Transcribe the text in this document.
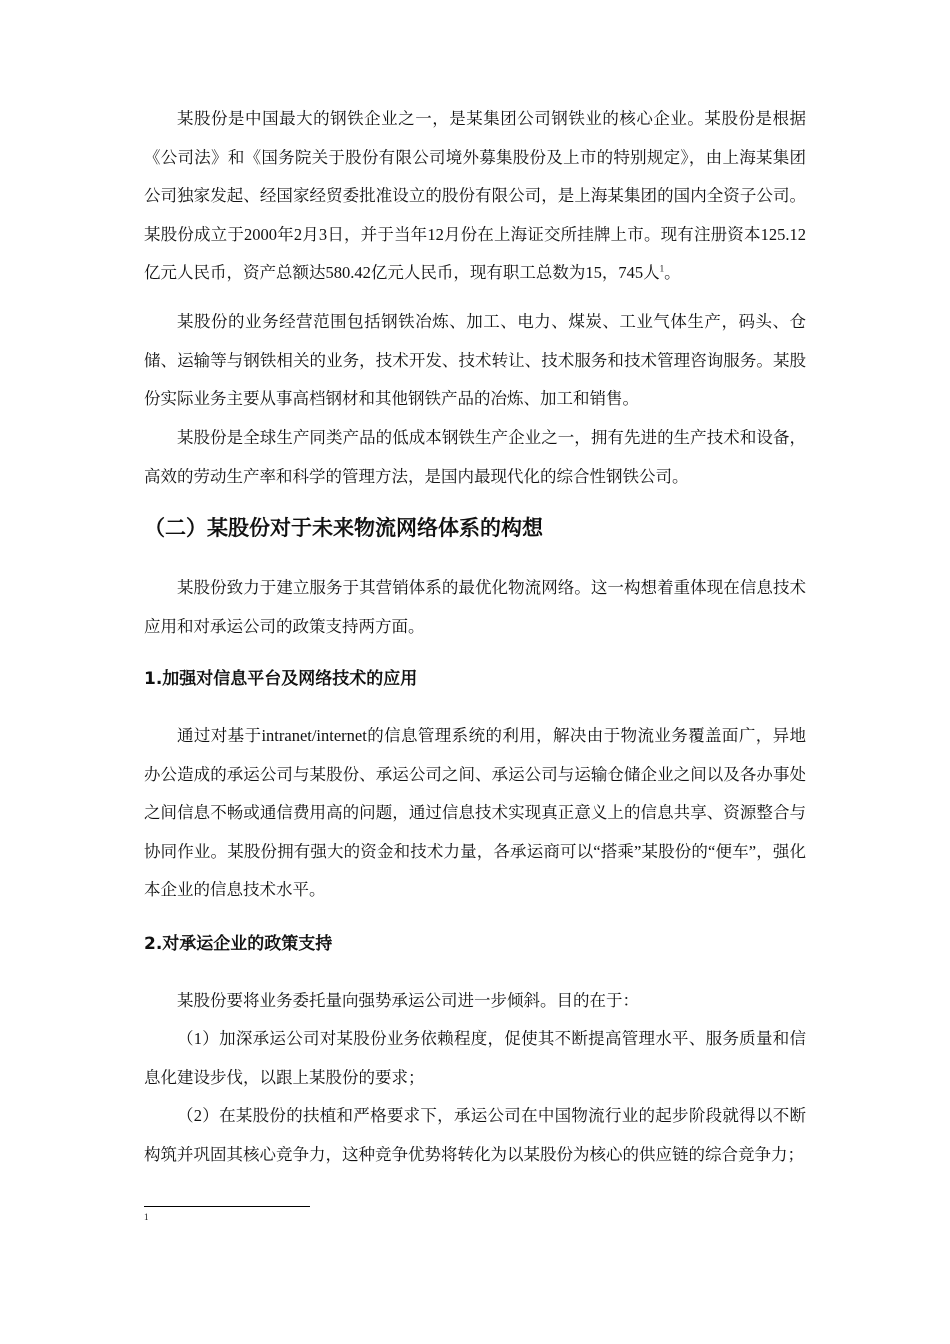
某股份是中国最大的钢铁企业之一，是某集团公司钢铁业的核心企业。某股份是根据《公司法》和《国务院关于股份有限公司境外募集股份及上市的特别规定》，由上海某集团公司独家发起、经国家经贸委批准设立的股份有限公司，是上海某集团的国内全资子公司。某股份成立于2000年2月3日，并于当年12月份在上海证交所挂牌上市。现有注册资本125.12亿元人民币，资产总额达580.42亿元人民币，现有职工总数为15，745人$^1$。

某股份的业务经营范围包括钢铁冶炼、加工、电力、煤炭、工业气体生产，码头、仓储、运输等与钢铁相关的业务，技术开发、技术转让、技术服务和技术管理咨询服务。某股份实际业务主要从事高档钢材和其他钢铁产品的冶炼、加工和销售。

某股份是全球生产同类产品的低成本钢铁生产企业之一，拥有先进的生产技术和设备，高效的劳动生产率和科学的管理方法，是国内最现代化的综合性钢铁公司。

（二）某股份对于未来物流网络体系的构想

某股份致力于建立服务于其营销体系的最优化物流网络。这一构想着重体现在信息技术应用和对承运公司的政策支持两方面。

1.加强对信息平台及网络技术的应用

通过对基于intranet/internet的信息管理系统的利用，解决由于物流业务覆盖面广，异地办公造成的承运公司与某股份、承运公司之间、承运公司与运输仓储企业之间以及各办事处之间信息不畅或通信费用高的问题，通过信息技术实现真正意义上的信息共享、资源整合与协同作业。某股份拥有强大的资金和技术力量，各承运商可以“搭乘”某股份的“便车”，强化本企业的信息技术水平。

2.对承运企业的政策支持

某股份要将业务委托量向强势承运公司进一步倾斜。目的在于：

（1）加深承运公司对某股份业务依赖程度，促使其不断提高管理水平、服务质量和信息化建设步伐，以跟上某股份的要求；

（2）在某股份的扶植和严格要求下，承运公司在中国物流行业的起步阶段就得以不断构筑并巩固其核心竞争力，这种竞争优势将转化为以某股份为核心的供应链的综合竞争力；

1
